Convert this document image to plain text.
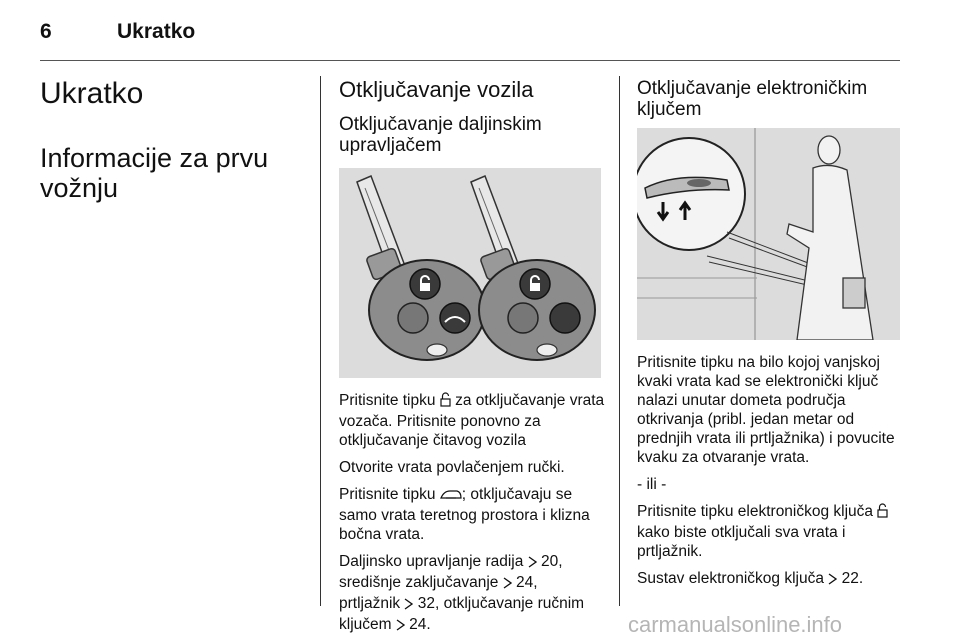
6	Ukratko
Ukratko
Informacije za prvu vožnju
Otključavanje vozila
Otključavanje daljinskim upravljačem

Pritisnite tipku  za otključavanje vrata vozača. Pritisnite ponovno za otključavanje čitavog vozila

Otvorite vrata povlačenjem ručki.

Pritisnite tipku ; otključavaju se samo vrata teretnog prostora i klizna bočna vrata.

Daljinsko upravljanje radija  20,
središnje zaključavanje  24,
prtljažnik  32, otključavanje ručnim ključem  24.

Otključavanje elektroničkim ključem

Pritisnite tipku na bilo kojoj vanjskoj kvaki vrata kad se elektronički ključ nalazi unutar dometa područja otkrivanja (pribl. jedan metar od prednjih vrata ili prtljažnika) i povucite kvaku za otvaranje vrata.

- ili -

Pritisnite tipku elektroničkog ključa  kako biste otključali sva vrata i prtljažnik.

Sustav elektroničkog ključa  22.

carmanualsonline.info
